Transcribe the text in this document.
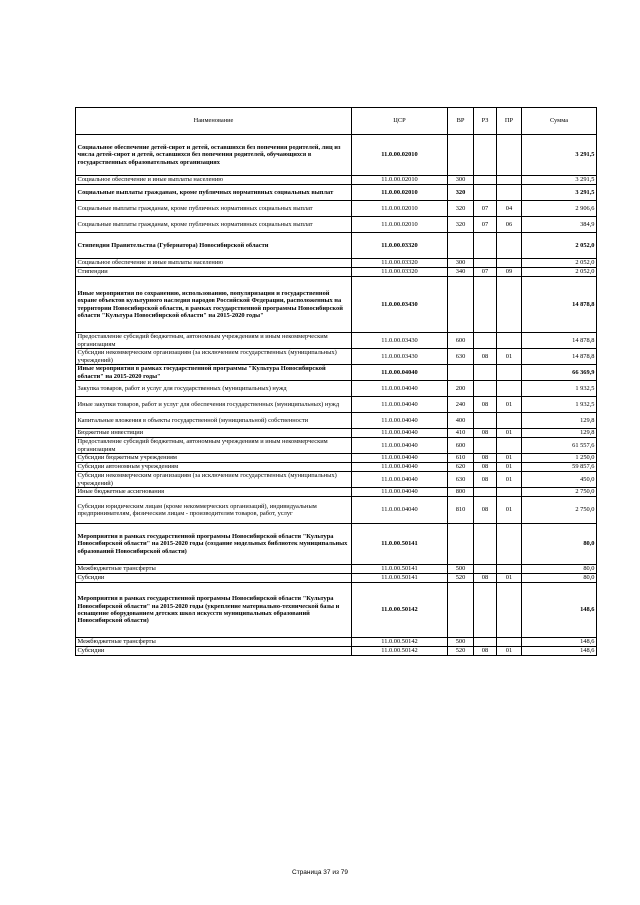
Наименование	ЦСР	ВР	РЗ	ПР	Сумма
Социальное обеспечение детей-сирот и детей, оставшихся без попечения родителей, лиц из числа детей-сирот и детей, оставшихся без попечения родителей, обучающихся в государственных образовательных организациях	11.0.00.02010				3 291,5
Социальное обеспечение и иные выплаты населению	11.0.00.02010	300			3 291,5
Социальные выплаты гражданам, кроме публичных нормативных социальных выплат	11.0.00.02010	320			3 291,5
Социальные выплаты гражданам, кроме публичных нормативных социальных выплат	11.0.00.02010	320	07	04	2 906,6
Социальные выплаты гражданам, кроме публичных нормативных социальных выплат	11.0.00.02010	320	07	06	384,9
Стипендии Правительства (Губернатора) Новосибирской области	11.0.00.03320				2 052,0
Социальное обеспечение и иные выплаты населению	11.0.00.03320	300			2 052,0
Стипендии	11.0.00.03320	340	07	09	2 052,0
Иные мероприятия по сохранению, использованию, популяризации и государственной охране объектов культурного наследия народов Российской Федерации, расположенных на территории Новосибирской области, в рамках государственной программы Новосибирской области "Культура Новосибирской области" на 2015-2020 годы"	11.0.00.03430				14 878,8
Предоставление субсидий бюджетным, автономным учреждениям и иным некоммерческим организациям	11.0.00.03430	600			14 878,8
Субсидии некоммерческим организациям (за исключением государственных (муниципальных) учреждений)	11.0.00.03430	630	08	01	14 878,8
Иные мероприятия в рамках государственной программы "Культура Новосибирской области" на 2015-2020 годы"	11.0.00.04040				66 369,9
Закупка товаров, работ и услуг для государственных (муниципальных) нужд	11.0.00.04040	200			1 932,5
Иные закупки товаров, работ и услуг для обеспечения государственных (муниципальных) нужд	11.0.00.04040	240	08	01	1 932,5
Капитальные вложения в объекты государственной (муниципальной) собственности	11.0.00.04040	400			129,8
Бюджетные инвестиции	11.0.00.04040	410	08	01	129,8
Предоставление субсидий бюджетным, автономным учреждениям и иным некоммерческим организациям	11.0.00.04040	600			61 557,6
Субсидии бюджетным учреждениям	11.0.00.04040	610	08	01	1 250,0
Субсидии автономным учреждениям	11.0.00.04040	620	08	01	59 857,6
Субсидии некоммерческим организациям (за исключением государственных (муниципальных) учреждений)	11.0.00.04040	630	08	01	450,0
Иные бюджетные ассигнования	11.0.00.04040	800			2 750,0
Субсидии юридическим лицам (кроме некоммерческих организаций), индивидуальным предпринимателям, физическим лицам - производителям товаров, работ, услуг	11.0.00.04040	810	08	01	2 750,0
Мероприятия в рамках государственной программы Новосибирской области "Культура Новосибирской области" на 2015-2020 годы (создание модельных библиотек муниципальных образований Новосибирской области)	11.0.00.50141				80,0
Межбюджетные трансферты	11.0.00.50141	500			80,0
Субсидии	11.0.00.50141	520	08	01	80,0
Мероприятия в рамках государственной программы Новосибирской области "Культура Новосибирской области" на 2015-2020 годы (укрепление материально-технической базы и оснащение оборудованием детских школ искусств муниципальных образований Новосибирской области)	11.0.00.50142				148,6
Межбюджетные трансферты	11.0.00.50142	500			148,6
Субсидии	11.0.00.50142	520	08	01	148,6
Страница 37 из 79
